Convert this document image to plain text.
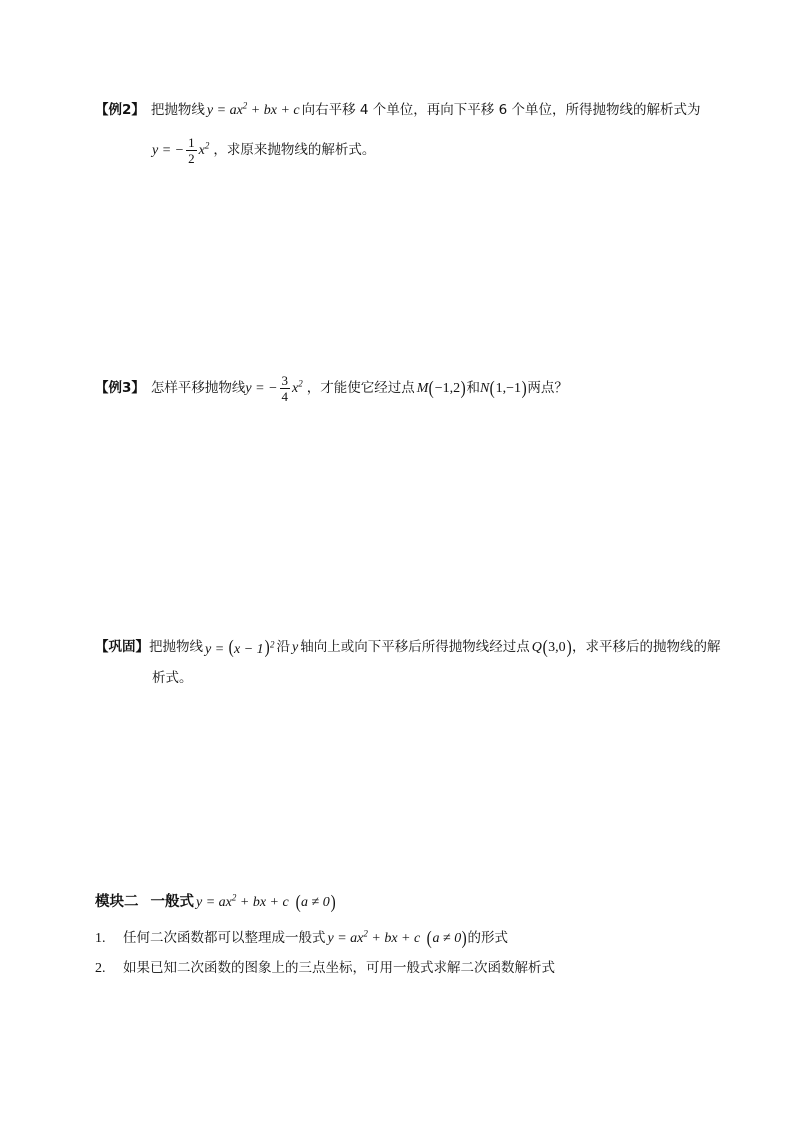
【例2】 把抛物线 $y = ax^2$ + bx + c 向右平移 4 个单位，再向下平移 6 个单位，所得抛物线的解析式为
y = − $\frac{1}{2} x^2$ ，求原来抛物线的解析式。
【例3】 怎样平移抛物线 y = − $\frac{3}{4} x^2$ ，才能使它经过点 M ( −1,2 ) 和 N ( 1,−1 ) 两点？
【巩固】 把抛物线 $y = (x - 1)^2$ 沿 y 轴向上或向下平移后所得抛物线经过点 Q ( 3,0 ) ，求平移后的抛物线的解
析式。
模块二 一般式 $y = ax^2$ + bx + c ( a ≠ 0 )
1.	任何二次函数都可以整理成一般式 $y = ax^2$ + bx + c ( a ≠ 0 ) 的形式
2.	如果已知二次函数的图象上的三点坐标，可用一般式求解二次函数解析式
